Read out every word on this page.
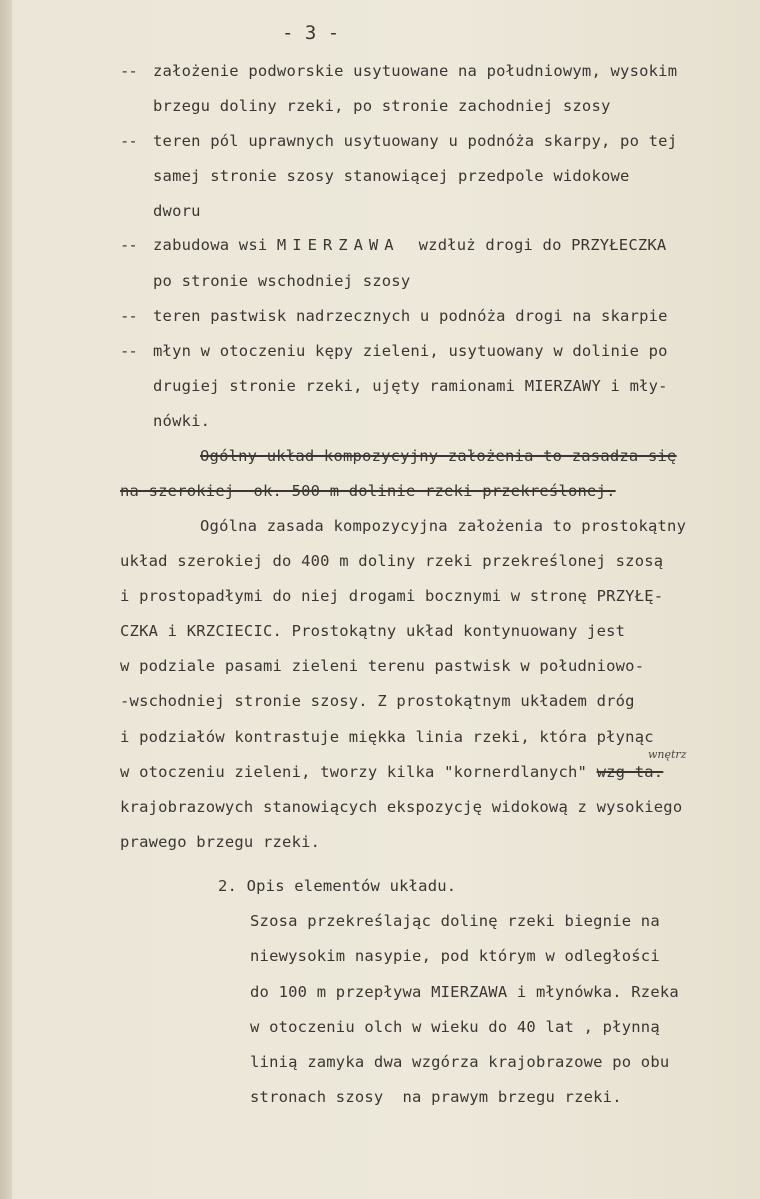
- 3 -
-- założenie podworskie usytuowane na południowym, wysokim
brzegu doliny rzeki, po stronie zachodniej szosy
-- teren pól uprawnych usytuowany u podnóża skarpy, po tej
samej stronie szosy stanowiącej przedpole widokowe
dworu
-- zabudowa wsi MIERZAWA  wzdłuż drogi do PRZYŁECZKA
po stronie wschodniej szosy
-- teren pastwisk nadrzecznych u podnóża drogi na skarpie
-- młyn w otoczeniu kępy zieleni, usytuowany w dolinie po
drugiej stronie rzeki, ujęty ramionami MIERZAWY i mły-
nówki.
Ogólny układ kompozycyjny założenia to zasadza się
na szerokiej  ok. 500 m dolinie rzeki przekreślonej.
Ogólna zasada kompozycyjna założenia to prostokątny
układ szerokiej do 400 m doliny rzeki przekreślonej szosą
i prostopadłymi do niej drogami bocznymi w stronę PRZYŁĘ-
CZKA i KRZCIECIC. Prostokątny układ kontynuowany jest
w podziale pasami zieleni terenu pastwisk w południowo-
-wschodniej stronie szosy. Z prostokątnym układem dróg
i podziałów kontrastuje miękka linia rzeki, która płynąc
w otoczeniu zieleni, tworzy kilka "kornerdlanych" wzg ta.
wnętrz
krajobrazowych stanowiących ekspozycję widokową z wysokiego
prawego brzegu rzeki.
2. Opis elementów układu.
Szosa przekreślając dolinę rzeki biegnie na
niewysokim nasypie, pod którym w odległości
do 100 m przepływa MIERZAWA i młynówka. Rzeka
w otoczeniu olch w wieku do 40 lat , płynną
linią zamyka dwa wzgórza krajobrazowe po obu
stronach szosy  na prawym brzegu rzeki.
